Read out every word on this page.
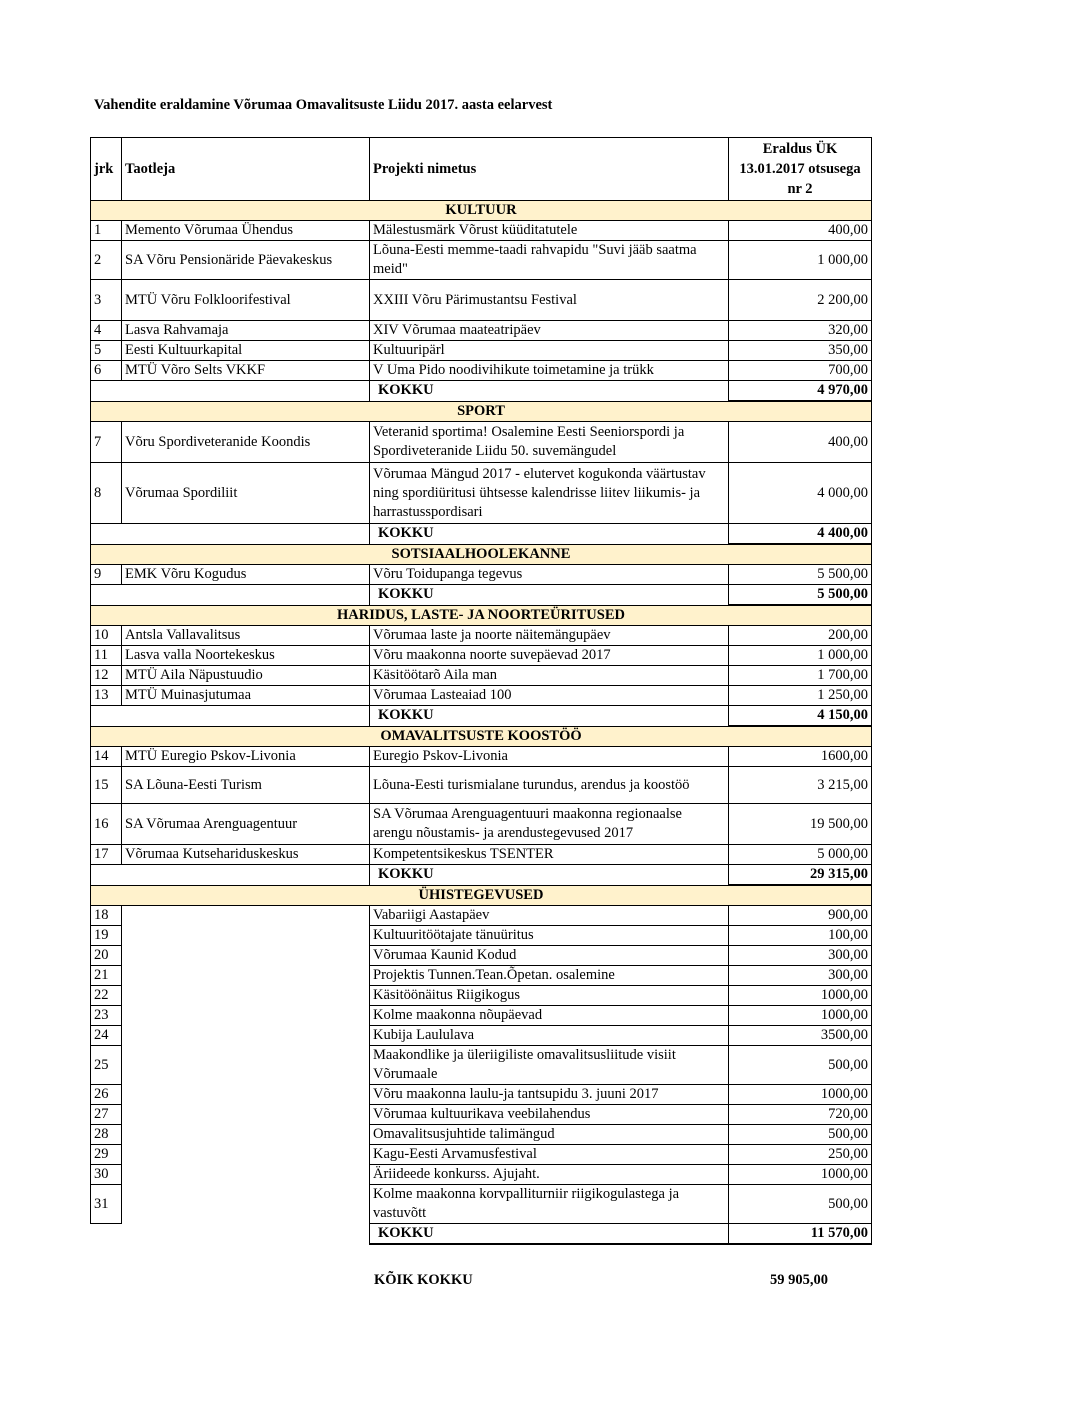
Vahendite eraldamine Võrumaa Omavalitsuste Liidu 2017. aasta eelarvest
jrk	Taotleja	Projekti nimetus	Eraldus ÜK
13.01.2017 otsusega
nr 2
KULTUUR			
1	Memento Võrumaa Ühendus	Mälestusmärk Võrust küüditatutele	400,00
2	SA Võru Pensionäride Päevakeskus	Lõuna-Eesti memme-taadi rahvapidu "Suvi jääb saatma meid"	1 000,00
3	MTÜ Võru Folkloorifestival	XXIII Võru Pärimustantsu Festival	2 200,00
4	Lasva Rahvamaja	XIV Võrumaa maateatripäev	320,00
5	Eesti Kultuurkapital	Kultuuripärl	350,00
6	MTÜ Võro Selts VKKF	V Uma Pido noodivihikute toimetamine ja trükk	700,00
		KOKKU	4 970,00
SPORT			
7	Võru Spordiveteranide Koondis	Veteranid sportima! Osalemine Eesti Seeniorspordi ja Spordiveteranide Liidu 50. suvemängudel	400,00
8	Võrumaa Spordiliit	Võrumaa Mängud 2017 - elutervet kogukonda väärtustav ning spordiüritusi ühtsesse kalendrisse liitev liikumis- ja harrastusspordisari	4 000,00
		KOKKU	4 400,00
SOTSIAALHOOLEKANNE			
9	EMK Võru Kogudus	Võru Toidupanga tegevus	5 500,00
		KOKKU	5 500,00
HARIDUS, LASTE- JA NOORTEÜRITUSED			
10	Antsla Vallavalitsus	Võrumaa laste ja noorte näitemängupäev	200,00
11	Lasva valla Noortekeskus	Võru maakonna noorte suvepäevad 2017	1 000,00
12	MTÜ Aila Näpustuudio	Käsitöötarõ Aila man	1 700,00
13	MTÜ Muinasjutumaa	Võrumaa Lasteaiad 100	1 250,00
		KOKKU	4 150,00
OMAVALITSUSTE KOOSTÖÖ			
14	MTÜ Euregio Pskov-Livonia	Euregio Pskov-Livonia	1600,00
15	SA Lõuna-Eesti Turism	Lõuna-Eesti turismialane turundus, arendus ja koostöö	3 215,00
16	SA Võrumaa Arenguagentuur	SA Võrumaa Arenguagentuuri maakonna regionaalse arengu nõustamis- ja arendustegevused 2017	19 500,00
17	Võrumaa Kutsehariduskeskus	Kompetentsikeskus TSENTER	5 000,00
		KOKKU	29 315,00
ÜHISTEGEVUSED			
18		Vabariigi Aastapäev	900,00
19		Kultuuritöötajate tänuüritus	100,00
20		Võrumaa Kaunid Kodud	300,00
21		Projektis Tunnen.Tean.Õpetan. osalemine	300,00
22		Käsitöönäitus Riigikogus	1000,00
23		Kolme maakonna nõupäevad	1000,00
24		Kubija Laululava	3500,00
25		Maakondlike ja üleriigiliste omavalitsusliitude visiit Võrumaale	500,00
26		Võru maakonna laulu-ja tantsupidu 3. juuni 2017	1000,00
27		Võrumaa kultuurikava veebilahendus	720,00
28		Omavalitsusjuhtide talimängud	500,00
29		Kagu-Eesti Arvamusfestival	250,00
30		Äriideede konkurss. Ajujaht.	1000,00
31		Kolme maakonna korvpalliturniir riigikogulastega ja vastuvõtt	500,00
		KOKKU	11 570,00
KÕIK KOKKU	59 905,00
